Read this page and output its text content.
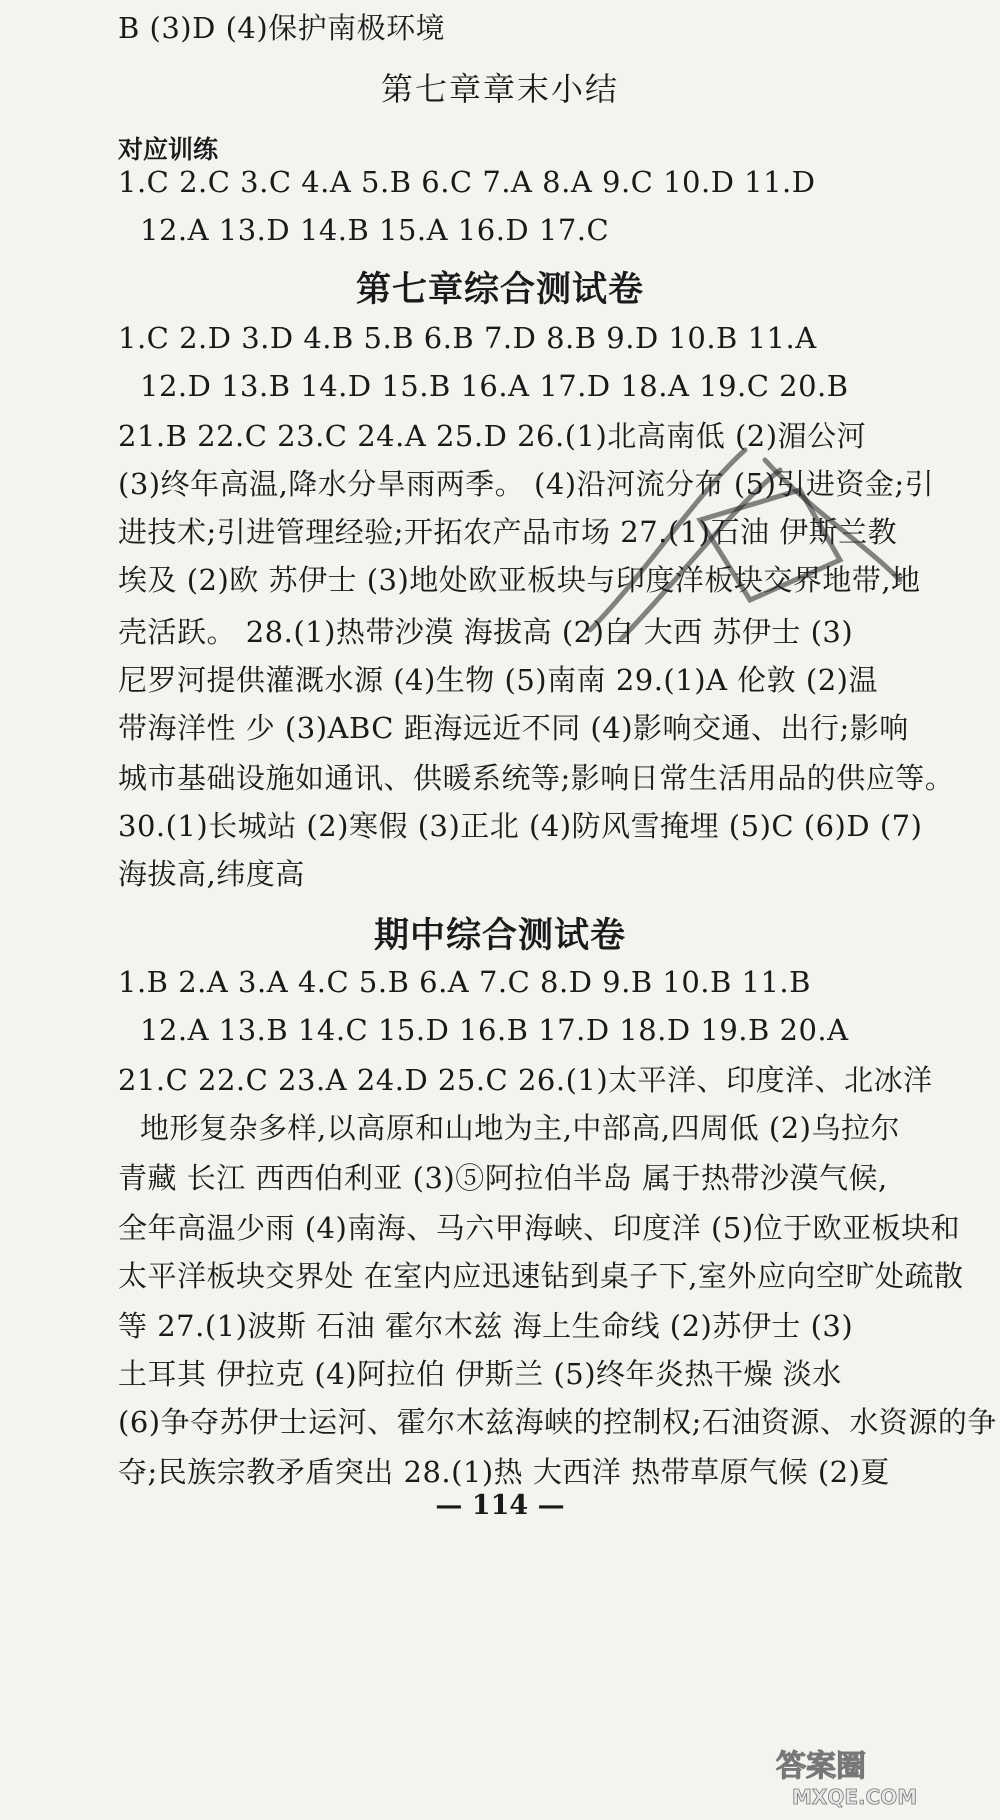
B (3)D (4)保护南极环境
第七章章末小结
对应训练
1.C 2.C 3.C 4.A 5.B 6.C 7.A 8.A 9.C 10.D 11.D
12.A 13.D 14.B 15.A 16.D 17.C
第七章综合测试卷
1.C 2.D 3.D 4.B 5.B 6.B 7.D 8.B 9.D 10.B 11.A
12.D 13.B 14.D 15.B 16.A 17.D 18.A 19.C 20.B
21.B 22.C 23.C 24.A 25.D 26.(1)北高南低 (2)湄公河
(3)终年高温,降水分旱雨两季。 (4)沿河流分布 (5)引进资金;引
进技术;引进管理经验;开拓农产品市场 27.(1)石油 伊斯兰教
埃及 (2)欧 苏伊士 (3)地处欧亚板块与印度洋板块交界地带,地
壳活跃。 28.(1)热带沙漠 海拔高 (2)白 大西 苏伊士 (3)
尼罗河提供灌溉水源 (4)生物 (5)南南 29.(1)A 伦敦 (2)温
带海洋性 少 (3)ABC 距海远近不同 (4)影响交通、出行;影响
城市基础设施如通讯、供暖系统等;影响日常生活用品的供应等。
30.(1)长城站 (2)寒假 (3)正北 (4)防风雪掩埋 (5)C (6)D (7)
海拔高,纬度高
期中综合测试卷
1.B 2.A 3.A 4.C 5.B 6.A 7.C 8.D 9.B 10.B 11.B
12.A 13.B 14.C 15.D 16.B 17.D 18.D 19.B 20.A
21.C 22.C 23.A 24.D 25.C 26.(1)太平洋、印度洋、北冰洋
地形复杂多样,以高原和山地为主,中部高,四周低 (2)乌拉尔
青藏 长江 西西伯利亚 (3)⑤阿拉伯半岛 属于热带沙漠气候,
全年高温少雨 (4)南海、马六甲海峡、印度洋 (5)位于欧亚板块和
太平洋板块交界处 在室内应迅速钻到桌子下,室外应向空旷处疏散
等 27.(1)波斯 石油 霍尔木兹 海上生命线 (2)苏伊士 (3)
土耳其 伊拉克 (4)阿拉伯 伊斯兰 (5)终年炎热干燥 淡水
(6)争夺苏伊士运河、霍尔木兹海峡的控制权;石油资源、水资源的争
夺;民族宗教矛盾突出 28.(1)热 大西洋 热带草原气候 (2)夏
— 114 —
答案圈
MXQE.COM
